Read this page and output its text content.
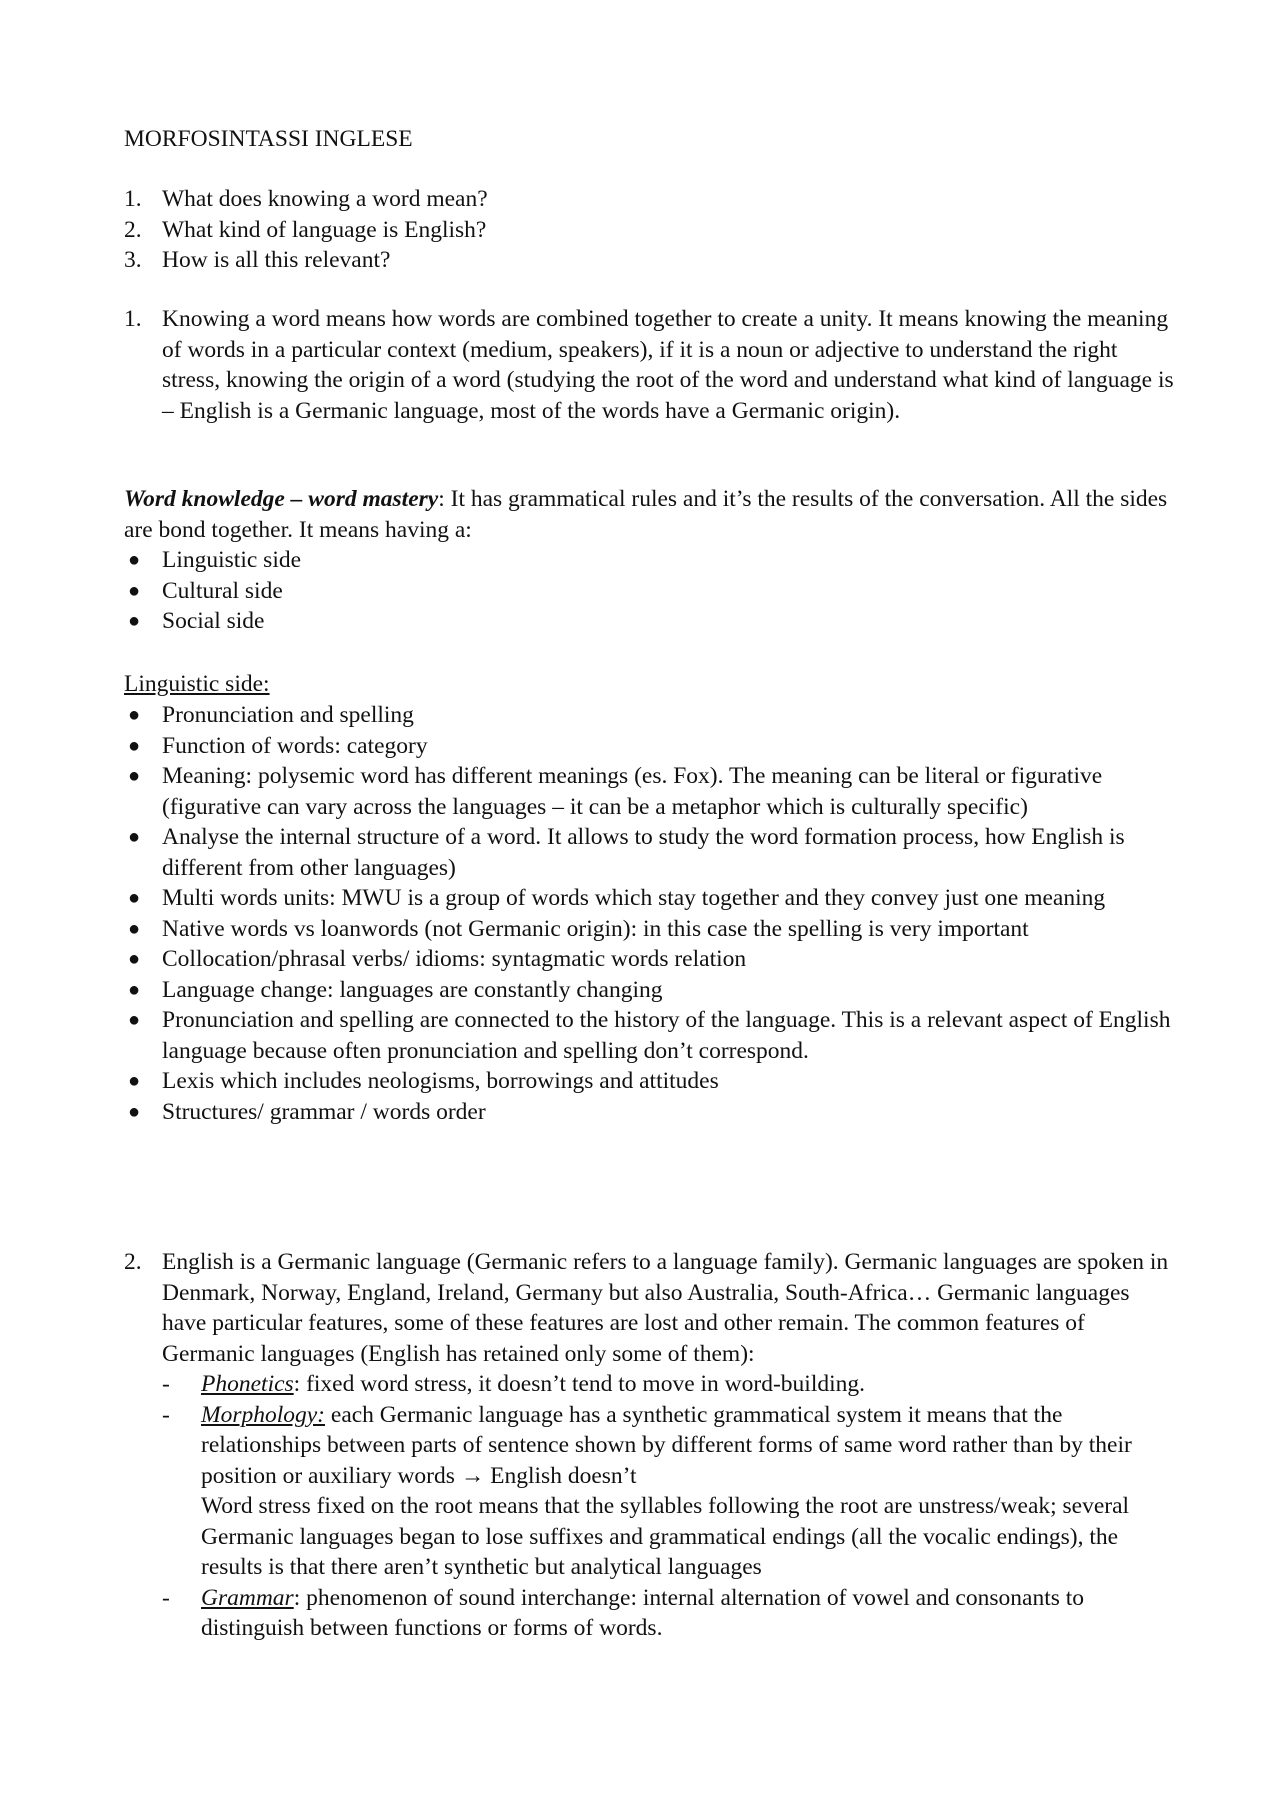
MORFOSINTASSI INGLESE

1. What does knowing a word mean?
2. What kind of language is English?
3. How is all this relevant?
1. Knowing a word means how words are combined together to create a unity. It means knowing the meaning of words in a particular context (medium, speakers), if it is a noun or adjective to understand the right stress, knowing the origin of a word (studying the root of the word and understand what kind of language is – English is a Germanic language, most of the words have a Germanic origin).

Word knowledge – word mastery: It has grammatical rules and it’s the results of the conversation. All the sides are bond together. It means having a:

● Linguistic side
● Cultural side
● Social side

Linguistic side:

● Pronunciation and spelling
● Function of words: category
● Meaning: polysemic word has different meanings (es. Fox). The meaning can be literal or figurative (figurative can vary across the languages – it can be a metaphor which is culturally specific)
● Analyse the internal structure of a word. It allows to study the word formation process, how English is different from other languages)
● Multi words units: MWU is a group of words which stay together and they convey just one meaning
● Native words vs loanwords (not Germanic origin): in this case the spelling is very important
● Collocation/phrasal verbs/ idioms: syntagmatic words relation
● Language change: languages are constantly changing
● Pronunciation and spelling are connected to the history of the language. This is a relevant aspect of English language because often pronunciation and spelling don’t correspond.
● Lexis which includes neologisms, borrowings and attitudes
● Structures/ grammar / words order
2. English is a Germanic language (Germanic refers to a language family). Germanic languages are spoken in Denmark, Norway, England, Ireland, Germany but also Australia, South-Africa… Germanic languages have particular features, some of these features are lost and other remain. The common features of Germanic languages (English has retained only some of them):
- Phonetics: fixed word stress, it doesn’t tend to move in word-building.
- Morphology: each Germanic language has a synthetic grammatical system it means that the relationships between parts of sentence shown by different forms of same word rather than by their position or auxiliary words → English doesn’t
Word stress fixed on the root means that the syllables following the root are unstress/weak; several Germanic languages began to lose suffixes and grammatical endings (all the vocalic endings), the results is that there aren’t synthetic but analytical languages
- Grammar: phenomenon of sound interchange: internal alternation of vowel and consonants to distinguish between functions or forms of words.
